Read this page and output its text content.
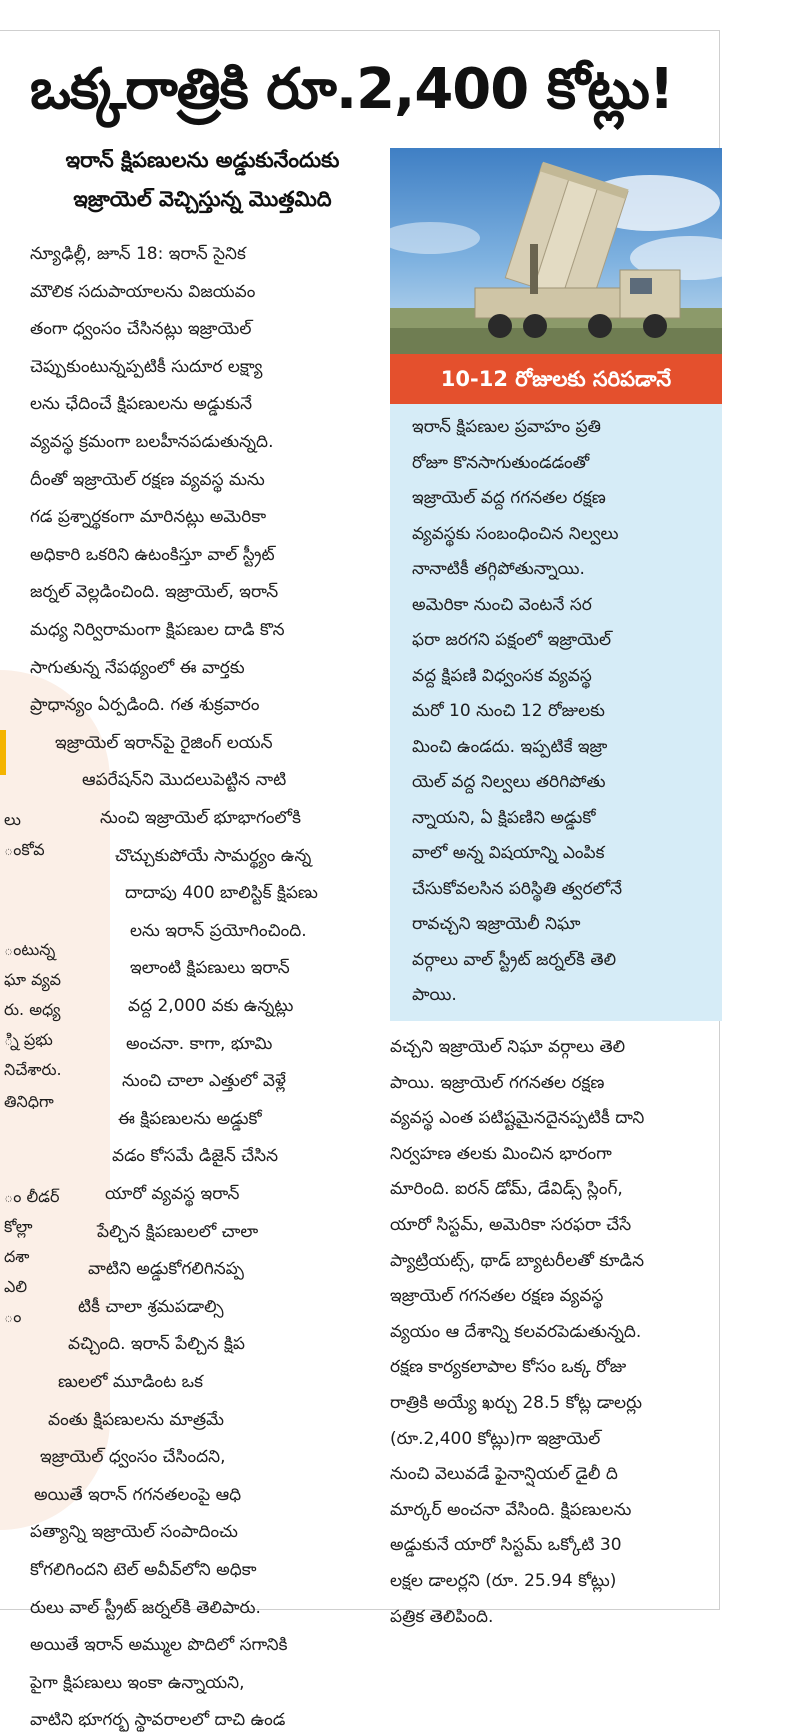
లు
ంకోవ
ంటున్న
ఘా వ్యవ
రు. అధ్య
్ని ప్రభు
నిచేశారు.
తినిధిగా
ం లీడర్
కోల్లా
దశా
ఎలి
ం
ఒక్కరాత్రికి రూ.2,400 కోట్లు!
ఇరాన్ క్షిపణులను అడ్డుకునేందుకు
ఇజ్రాయెల్ వెచ్చిస్తున్న మొత్తమిది
10-12 రోజులకు సరిపడానే
న్యూఢిల్లీ, జూన్ 18: ఇరాన్ సైనిక
మౌలిక సదుపాయాలను విజయవం
తంగా ధ్వంసం చేసినట్లు ఇజ్రాయెల్
చెప్పుకుంటున్నప్పటికీ సుదూర లక్ష్యా
లను ఛేదించే క్షిపణులను అడ్డుకునే
వ్యవస్థ క్రమంగా బలహీనపడుతున్నది.
దీంతో ఇజ్రాయెల్ రక్షణ వ్యవస్థ మను
గడ ప్రశ్నార్థకంగా మారినట్లు అమెరికా
అధికారి ఒకరిని ఉటంకిస్తూ వాల్ స్ట్రీట్
జర్నల్ వెల్లడించింది. ఇజ్రాయెల్, ఇరాన్
మధ్య నిర్విరామంగా క్షిపణుల దాడి కొన
సాగుతున్న నేపథ్యంలో ఈ వార్తకు
ప్రాధాన్యం ఏర్పడింది. గత శుక్రవారం
ఇజ్రాయెల్ ఇరాన్‌పై రైజింగ్ లయన్
ఆపరేషన్‌ని మొదలుపెట్టిన నాటి
నుంచి ఇజ్రాయెల్ భూభాగంలోకి
చొచ్చుకుపోయే సామర్థ్యం ఉన్న
దాదాపు 400 బాలిస్టిక్ క్షిపణు
లను ఇరాన్ ప్రయోగించింది.
ఇలాంటి క్షిపణులు ఇరాన్
వద్ద 2,000 వకు ఉన్నట్లు
అంచనా. కాగా, భూమి
నుంచి చాలా ఎత్తులో వెళ్లే
ఈ క్షిపణులను అడ్డుకో
వడం కోసమే డిజైన్ చేసిన
యారో వ్యవస్థ ఇరాన్
పేల్చిన క్షిపణులలో చాలా
వాటిని అడ్డుకోగలిగినప్ప
టికీ చాలా శ్రమపడాల్సి
వచ్చింది. ఇరాన్ పేల్చిన క్షిప
ణులలో మూడింట ఒక
వంతు క్షిపణులను మాత్రమే
ఇజ్రాయెల్ ధ్వంసం చేసిందని,
అయితే ఇరాన్ గగనతలంపై ఆధి
పత్యాన్ని ఇజ్రాయెల్ సంపాదించు
కోగలిగిందని టెల్ అవీవ్‌లోని అధికా
రులు వాల్ స్ట్రీట్ జర్నల్‌కి తెలిపారు.
అయితే ఇరాన్ అమ్ముల పొదిలో సగానికి
పైగా క్షిపణులు ఇంకా ఉన్నాయని,
వాటిని భూగర్భ స్థావరాలలో దాచి ఉండ
ఇరాన్ క్షిపణుల ప్రవాహం ప్రతి
రోజూ కొనసాగుతుండడంతో
ఇజ్రాయెల్ వద్ద గగనతల రక్షణ
వ్యవస్థకు సంబంధించిన నిల్వలు
నానాటికీ తగ్గిపోతున్నాయి.
అమెరికా నుంచి వెంటనే సర
ఫరా జరగని పక్షంలో ఇజ్రాయెల్
వద్ద క్షిపణి విధ్వంసక వ్యవస్థ
మరో 10 నుంచి 12 రోజులకు
మించి ఉండదు. ఇప్పటికే ఇజ్రా
యెల్ వద్ద నిల్వలు తరిగిపోతు
న్నాయని, ఏ క్షిపణిని అడ్డుకో
వాలో అన్న విషయాన్ని ఎంపిక
చేసుకోవలసిన పరిస్థితి త్వరలోనే
రావచ్చని ఇజ్రాయెలీ నిఘా
వర్గాలు వాల్ స్ట్రీట్ జర్నల్‌కి తెలి
పాయి.
వచ్చని ఇజ్రాయెల్ నిఘా వర్గాలు తెలి
పాయి. ఇజ్రాయెల్ గగనతల రక్షణ
వ్యవస్థ ఎంత పటిష్టమైనదైనప్పటికీ దాని
నిర్వహణ తలకు మించిన భారంగా
మారింది. ఐరన్ డోమ్, డేవిడ్స్ స్లింగ్,
యారో సిస్టమ్, అమెరికా సరఫరా చేసే
ప్యాట్రియట్స్, థాడ్ బ్యాటరీలతో కూడిన
ఇజ్రాయెల్ గగనతల రక్షణ వ్యవస్థ
వ్యయం ఆ దేశాన్ని కలవరపెడుతున్నది.
రక్షణ కార్యకలాపాల కోసం ఒక్క రోజు
రాత్రికి అయ్యే ఖర్చు 28.5 కోట్ల డాలర్లు
(రూ.2,400 కోట్లు)గా ఇజ్రాయెల్
నుంచి వెలువడే ఫైనాన్షియల్ డైలీ ది
మార్కర్ అంచనా వేసింది. క్షిపణులను
అడ్డుకునే యారో సిస్టమ్ ఒక్కోటి 30
లక్షల డాలర్లని (రూ. 25.94 కోట్లు)
పత్రిక తెలిపింది.
